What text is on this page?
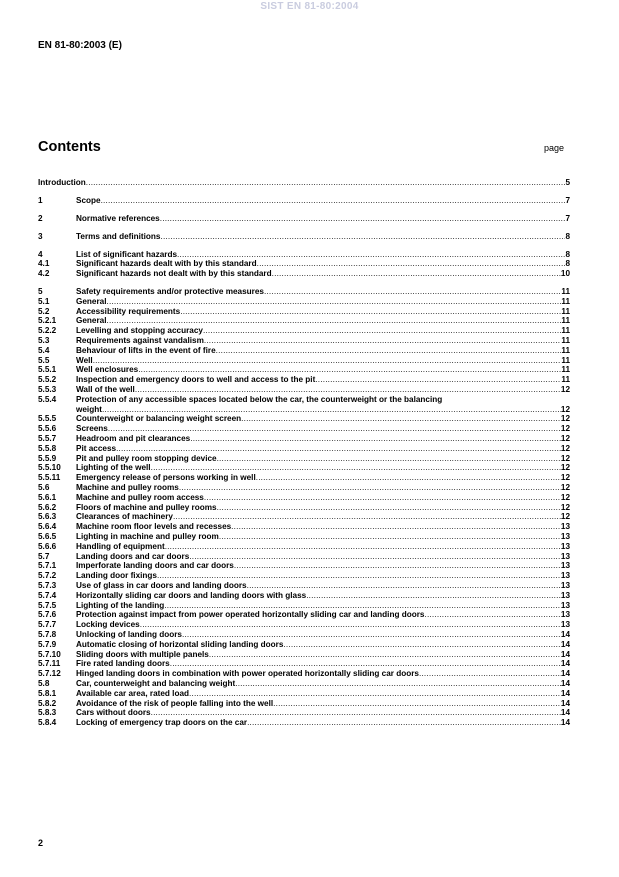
SIST EN 81-80:2004
EN 81-80:2003 (E)
Contents	page
Introduction .....	5
1	Scope .....	7
2	Normative references .....	7
3	Terms and definitions .....	8
4	List of significant hazards .....	8
4.1	Significant hazards dealt with by this standard .....	8
4.2	Significant hazards not dealt with by this standard .....	10
5	Safety requirements and/or protective measures .....	11
5.1	General .....	11
5.2	Accessibility requirements .....	11
5.2.1	General .....	11
5.2.2	Levelling and stopping accuracy .....	11
5.3	Requirements against vandalism .....	11
5.4	Behaviour of lifts in the event of fire .....	11
5.5	Well .....	11
5.5.1	Well enclosures .....	11
5.5.2	Inspection and emergency doors to well and access to the pit .....	11
5.5.3	Wall of the well .....	12
5.5.4	Protection of any accessible spaces located below the car, the counterweight or the balancing
weight .....	12
5.5.5	Counterweight or balancing weight screen .....	12
5.5.6	Screens .....	12
5.5.7	Headroom and pit clearances .....	12
5.5.8	Pit access .....	12
5.5.9	Pit and pulley room stopping device .....	12
5.5.10	Lighting of the well .....	12
5.5.11	Emergency release of persons working in well .....	12
5.6	Machine and pulley rooms .....	12
5.6.1	Machine and pulley room access .....	12
5.6.2	Floors of machine and pulley rooms .....	12
5.6.3	Clearances of machinery .....	12
5.6.4	Machine room floor levels and recesses .....	13
5.6.5	Lighting in machine and pulley room .....	13
5.6.6	Handling of equipment .....	13
5.7	Landing doors and car doors .....	13
5.7.1	Imperforate landing doors and car doors .....	13
5.7.2	Landing door fixings .....	13
5.7.3	Use of glass in car doors and landing doors .....	13
5.7.4	Horizontally sliding car doors and landing doors with glass .....	13
5.7.5	Lighting of the landing .....	13
5.7.6	Protection against impact from power operated horizontally sliding car and landing doors .....	13
5.7.7	Locking devices .....	13
5.7.8	Unlocking of landing doors .....	14
5.7.9	Automatic closing of horizontal sliding landing doors .....	14
5.7.10	Sliding doors with multiple panels .....	14
5.7.11	Fire rated landing doors .....	14
5.7.12	Hinged landing doors in combination with power operated horizontally sliding car doors .....	14
5.8	Car, counterweight and balancing weight .....	14
5.8.1	Available car area, rated load .....	14
5.8.2	Avoidance of the risk of people falling into the well .....	14
5.8.3	Cars without doors .....	14
5.8.4	Locking of emergency trap doors on the car .....	14
2
